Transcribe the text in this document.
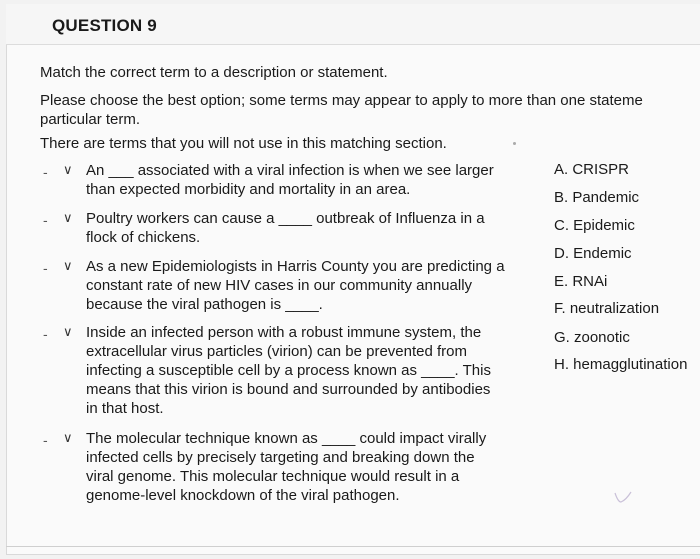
QUESTION 9
Match the correct term to a description or statement.
Please choose the best option; some terms may appear to apply to more than one stateme
particular term.
There are terms that you will not use in this matching section.
- ∨ An ___ associated with a viral infection is when we see larger
than expected morbidity and mortality in an area.
- ∨ Poultry workers can cause a ____ outbreak of Influenza in a
flock of chickens.
- ∨ As a new Epidemiologists in Harris County you are predicting a
constant rate of new HIV cases in our community annually
because the viral pathogen is ____.
- ∨ Inside an infected person with a robust immune system, the
extracellular virus particles (virion) can be prevented from
infecting a susceptible cell by a process known as ____. This
means that this virion is bound and surrounded by antibodies
in that host.
- ∨ The molecular technique known as ____ could impact virally
infected cells by precisely targeting and breaking down the
viral genome. This molecular technique would result in a
genome-level knockdown of the viral pathogen.
A. CRISPR
B. Pandemic
C. Epidemic
D. Endemic
E. RNAi
F. neutralization
G. zoonotic
H. hemagglutination
